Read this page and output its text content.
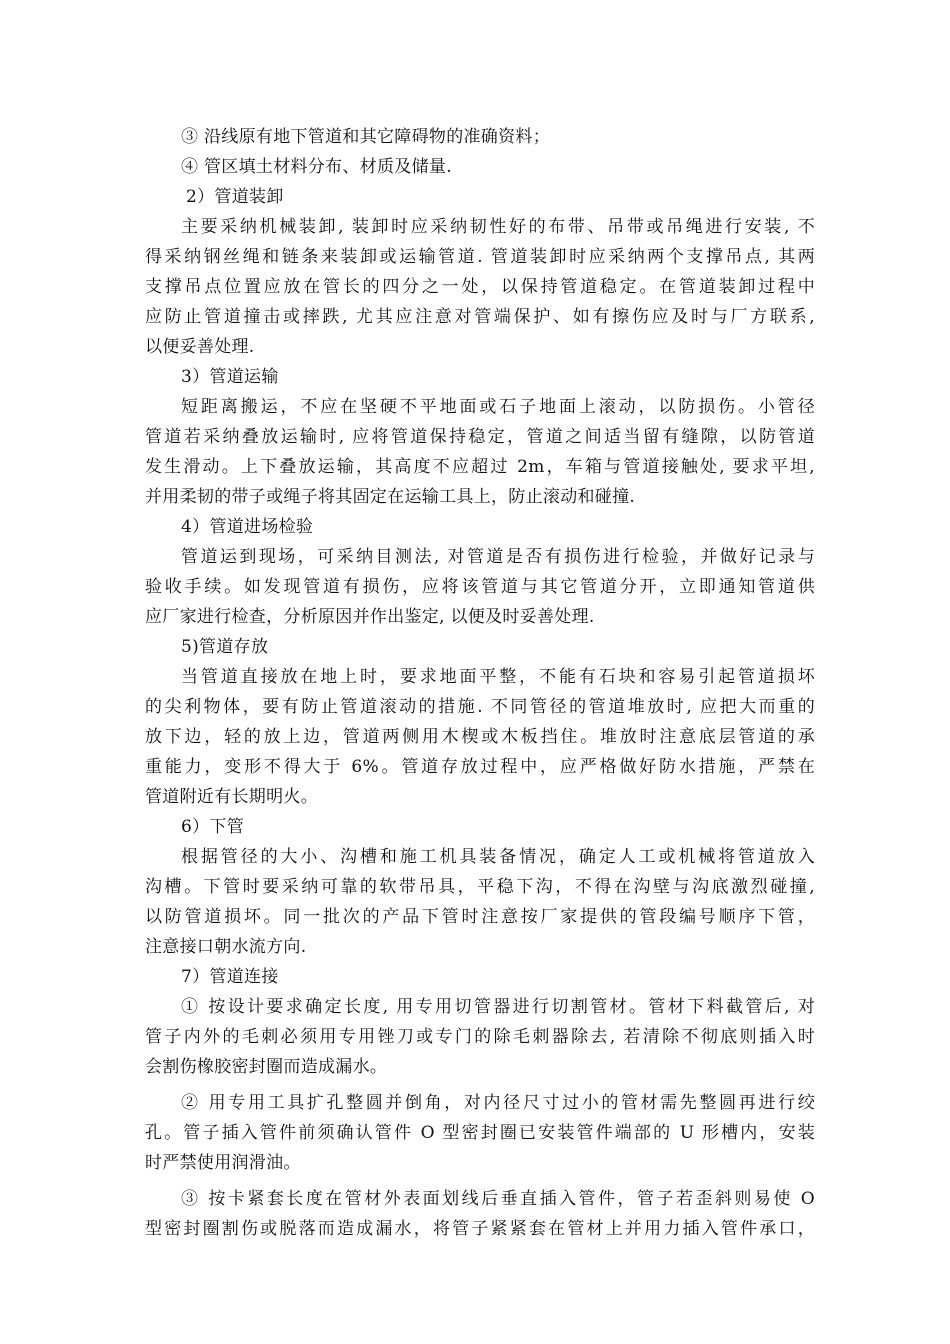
③ 沿线原有地下管道和其它障碍物的准确资料；

④ 管区填土材料分布、材质及储量.

2）管道装卸

主要采纳机械装卸, 装卸时应采纳韧性好的布带、吊带或吊绳进行安装, 不

得采纳钢丝绳和链条来装卸或运输管道. 管道装卸时应采纳两个支撑吊点, 其两

支撑吊点位置应放在管长的四分之一处，以保持管道稳定。在管道装卸过程中

应防止管道撞击或摔跌, 尤其应注意对管端保护、如有擦伤应及时与厂方联系,

以便妥善处理.

3）管道运输

短距离搬运，不应在坚硬不平地面或石子地面上滚动，以防损伤。小管径

管道若采纳叠放运输时, 应将管道保持稳定，管道之间适当留有缝隙，以防管道

发生滑动。上下叠放运输，其高度不应超过 2m，车箱与管道接触处, 要求平坦,

并用柔韧的带子或绳子将其固定在运输工具上，防止滚动和碰撞.

4）管道进场检验

管道运到现场，可采纳目测法, 对管道是否有损伤进行检验，并做好记录与

验收手续。如发现管道有损伤，应将该管道与其它管道分开，立即通知管道供

应厂家进行检查，分析原因并作出鉴定, 以便及时妥善处理.

5)管道存放

当管道直接放在地上时，要求地面平整，不能有石块和容易引起管道损坏

的尖利物体，要有防止管道滚动的措施. 不同管径的管道堆放时, 应把大而重的

放下边，轻的放上边，管道两侧用木楔或木板挡住。堆放时注意底层管道的承

重能力，变形不得大于 6%。管道存放过程中，应严格做好防水措施，严禁在

管道附近有长期明火。

6）下管

根据管径的大小、沟槽和施工机具装备情况，确定人工或机械将管道放入

沟槽。下管时要采纳可靠的软带吊具，平稳下沟，不得在沟壁与沟底激烈碰撞,

以防管道损坏。同一批次的产品下管时注意按厂家提供的管段编号顺序下管，

注意接口朝水流方向.

7）管道连接

① 按设计要求确定长度, 用专用切管器进行切割管材。管材下料截管后, 对

管子内外的毛刺必须用专用锉刀或专门的除毛刺器除去, 若清除不彻底则插入时

会割伤橡胶密封圈而造成漏水。

② 用专用工具扩孔整圆并倒角，对内径尺寸过小的管材需先整圆再进行绞

孔。管子插入管件前须确认管件 O 型密封圈已安装管件端部的 U 形槽内，安装

时严禁使用润滑油。

③ 按卡紧套长度在管材外表面划线后垂直插入管件，管子若歪斜则易使 O

型密封圈割伤或脱落而造成漏水，将管子紧紧套在管材上并用力插入管件承口，
